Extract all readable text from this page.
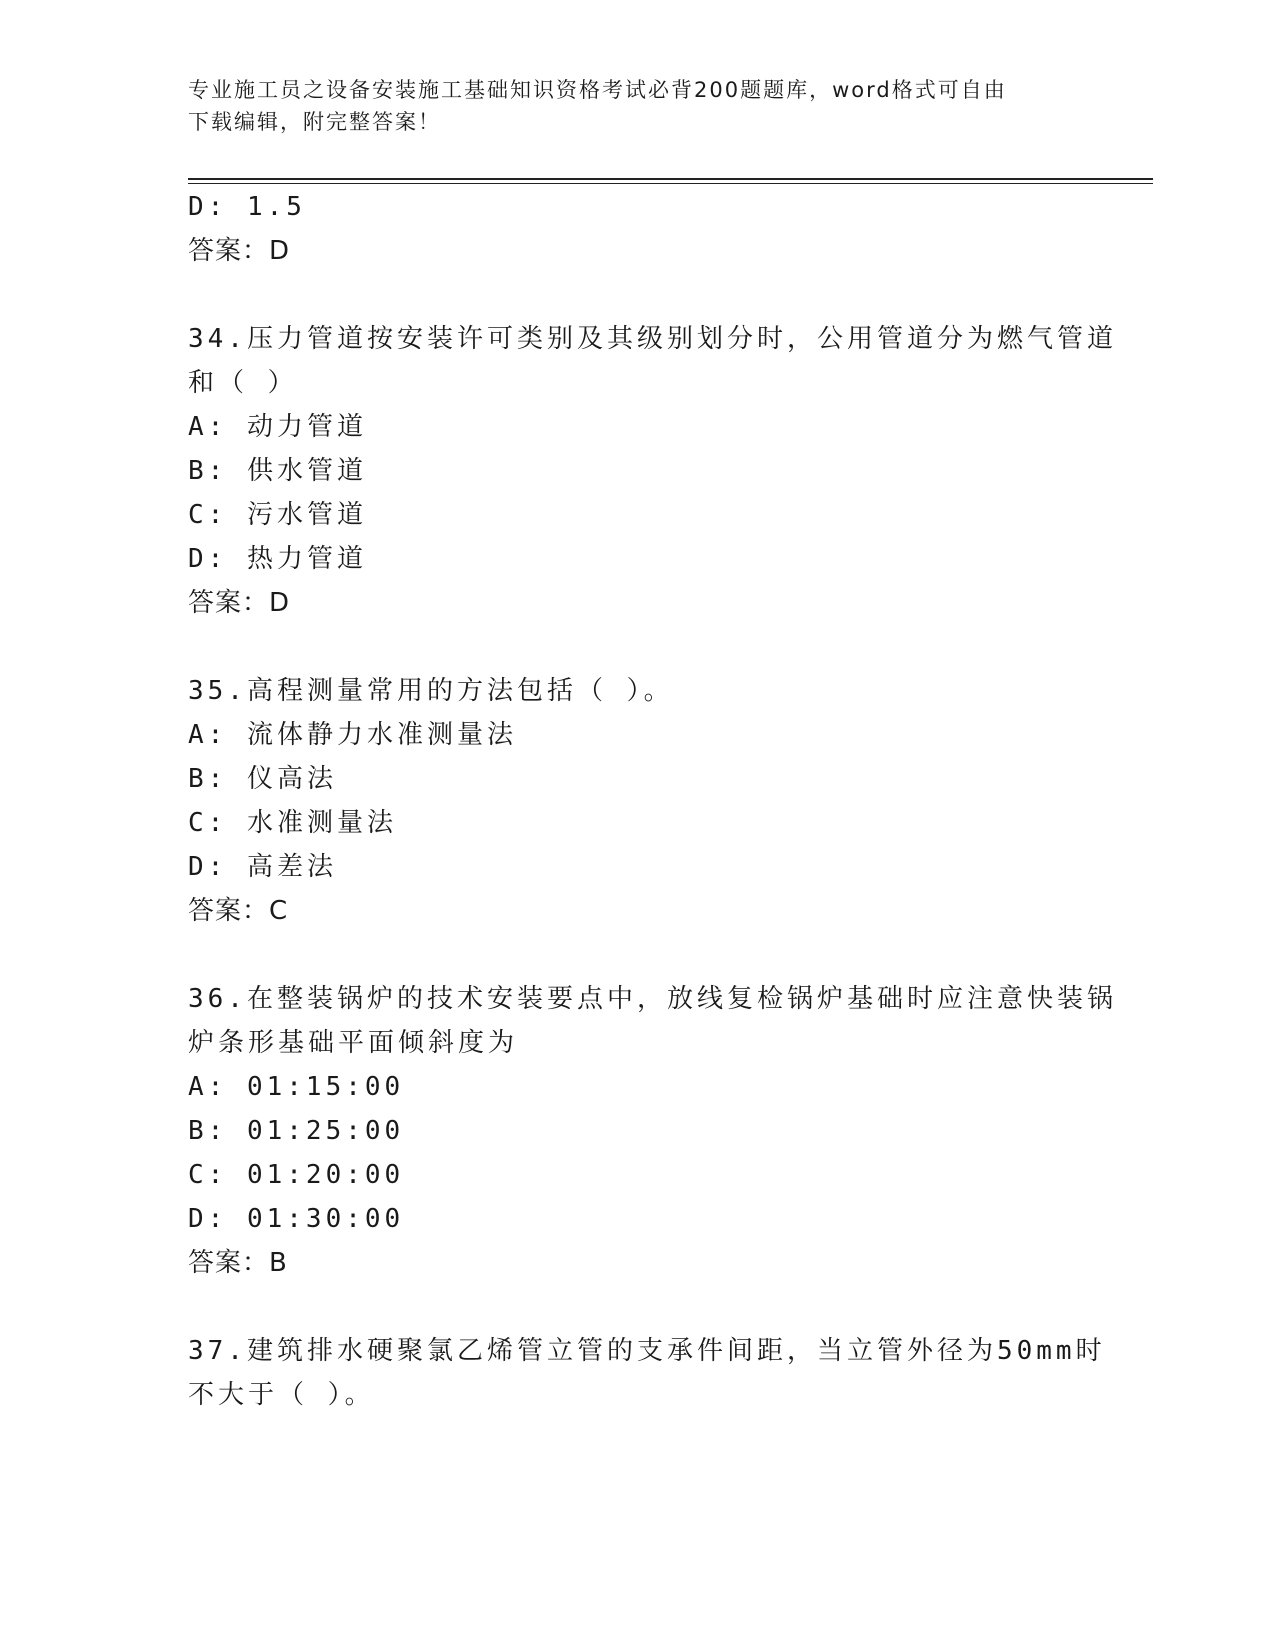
专业施工员之设备安装施工基础知识资格考试必背200题题库，word格式可自由
下载编辑，附完整答案！
D: 1.5
答案：D
34.压力管道按安装许可类别及其级别划分时，公用管道分为燃气管道
和（ ）
A: 动力管道
B: 供水管道
C: 污水管道
D: 热力管道
答案：D
35.高程测量常用的方法包括（ ）。
A: 流体静力水准测量法
B: 仪高法
C: 水准测量法
D: 高差法
答案：C
36.在整装锅炉的技术安装要点中，放线复检锅炉基础时应注意快装锅
炉条形基础平面倾斜度为
A: 01:15:00
B: 01:25:00
C: 01:20:00
D: 01:30:00
答案：B
37.建筑排水硬聚氯乙烯管立管的支承件间距，当立管外径为50mm时
不大于（ ）。
